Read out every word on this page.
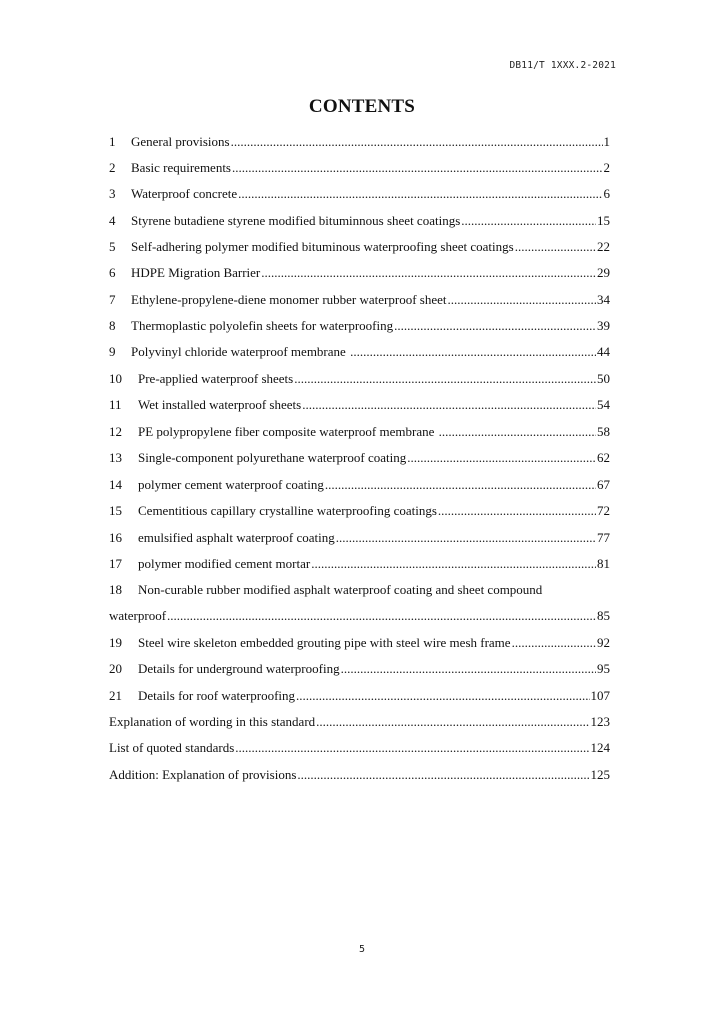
DB11/T 1XXX.2-2021
CONTENTS
1	General provisions .....	1
2	Basic requirements .....	2
3	Waterproof concrete .....	6
4	Styrene butadiene styrene modified bituminnous sheet coatings .....	15
5	Self-adhering polymer modified bituminous waterproofing sheet coatings .....	22
6	HDPE Migration Barrier .....	29
7	Ethylene-propylene-diene monomer rubber waterproof sheet .....	34
8	Thermoplastic polyolefin sheets for waterproofing .....	39
9	Polyvinyl chloride waterproof membrane .....	44
10	Pre-applied waterproof sheets .....	50
11	Wet installed waterproof sheets .....	54
12	PE polypropylene fiber composite waterproof membrane .....	58
13	Single-component polyurethane waterproof coating .....	62
14	polymer cement waterproof coating .....	67
15	Cementitious capillary crystalline waterproofing coatings .....	72
16	emulsified asphalt waterproof coating .....	77
17	polymer modified cement mortar .....	81
18	Non-curable rubber modified asphalt waterproof coating and sheet compound
waterproof .....	85
19	Steel wire skeleton embedded grouting pipe with steel wire mesh frame .....	92
20	Details for underground waterproofing .....	95
21	Details for roof waterproofing .....	107
Explanation of wording in this standard .....	123
List of quoted standards .....	124
Addition: Explanation of provisions .....	125
5
